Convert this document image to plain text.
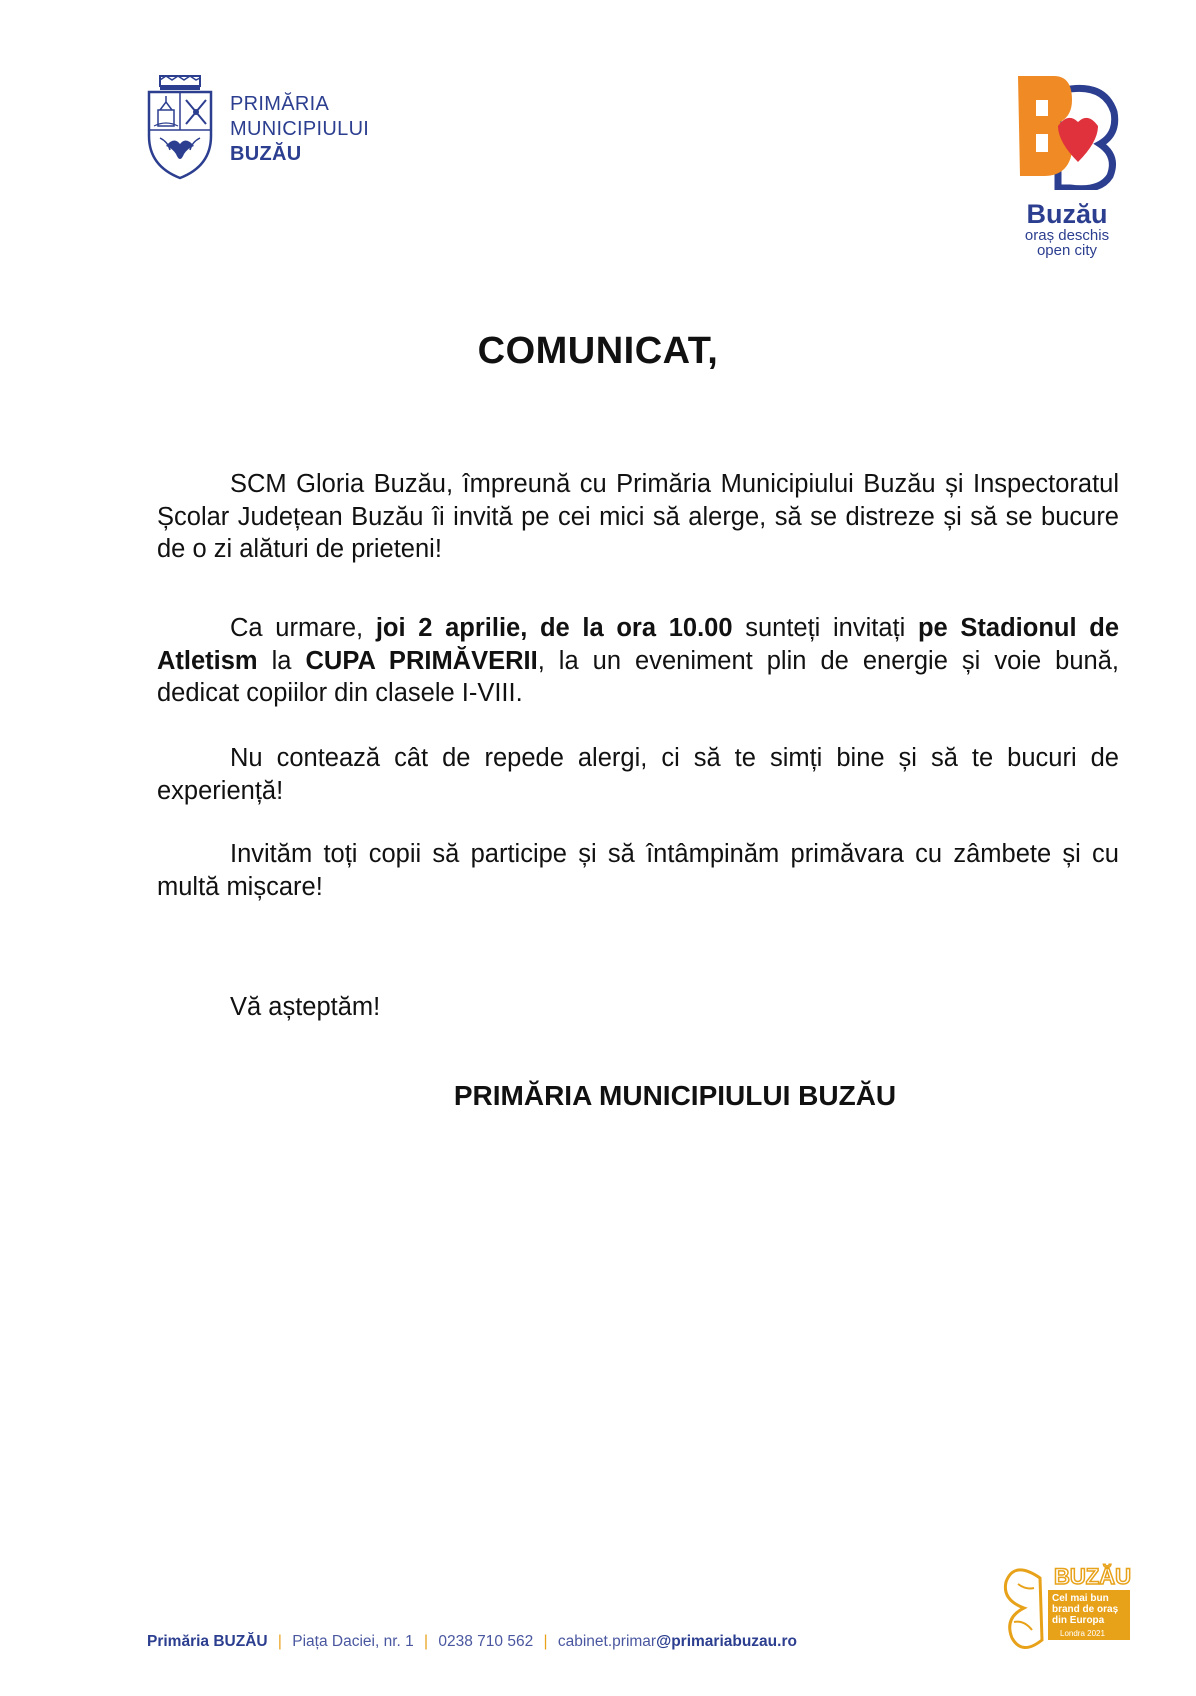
PRIMĂRIA
MUNICIPIULUI
BUZĂU
Buzău
oraș deschis
open city
COMUNICAT,

SCM Gloria Buzău, împreună cu Primăria Municipiului Buzău și Inspectoratul Școlar Județean Buzău îi invită pe cei mici să alerge, să se distreze și să se bucure de o zi alături de prieteni!

Ca urmare, joi 2 aprilie, de la ora 10.00 sunteți invitați pe Stadionul de Atletism la CUPA PRIMĂVERII, la un eveniment plin de energie și voie bună, dedicat copiilor din clasele I-VIII.

Nu contează cât de repede alergi, ci să te simți bine și să te bucuri de experiență!

Invităm toți copii să participe și să întâmpinăm primăvara cu zâmbete și cu multă mișcare!

Vă așteptăm!
PRIMĂRIA MUNICIPIULUI BUZĂU
Primăria BUZĂU | Piața Daciei, nr. 1 | 0238 710 562 | cabinet.primar@primariabuzau.ro
BUZĂU
Cel mai bun
brand de oraș
din Europa
Londra 2021
